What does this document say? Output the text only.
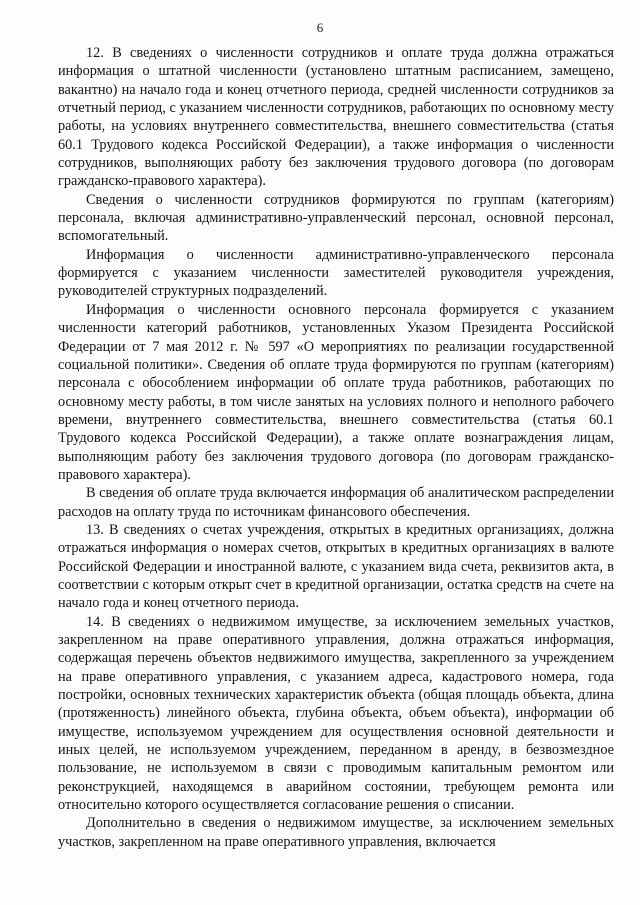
6

12. В сведениях о численности сотрудников и оплате труда должна отражаться информация о штатной численности (установлено штатным расписанием, замещено, вакантно) на начало года и конец отчетного периода, средней численности сотрудников за отчетный период, с указанием численности сотрудников, работающих по основному месту работы, на условиях внутреннего совместительства, внешнего совместительства (статья 60.1 Трудового кодекса Российской Федерации), а также информация о численности сотрудников, выполняющих работу без заключения трудового договора (по договорам гражданско-правового характера).

Сведения о численности сотрудников формируются по группам (категориям) персонала, включая административно-управленческий персонал, основной персонал, вспомогательный.

Информация о численности административно-управленческого персонала формируется с указанием численности заместителей руководителя учреждения, руководителей структурных подразделений.

Информация о численности основного персонала формируется с указанием численности категорий работников, установленных Указом Президента Российской Федерации от 7 мая 2012 г. № 597 «О мероприятиях по реализации государственной социальной политики». Сведения об оплате труда формируются по группам (категориям) персонала с обособлением информации об оплате труда работников, работающих по основному месту работы, в том числе занятых на условиях полного и неполного рабочего времени, внутреннего совместительства, внешнего совместительства (статья 60.1 Трудового кодекса Российской Федерации), а также оплате вознаграждения лицам, выполняющим работу без заключения трудового договора (по договорам гражданско-правового характера).

В сведения об оплате труда включается информация об аналитическом распределении расходов на оплату труда по источникам финансового обеспечения.

13. В сведениях о счетах учреждения, открытых в кредитных организациях, должна отражаться информация о номерах счетов, открытых в кредитных организациях в валюте Российской Федерации и иностранной валюте, с указанием вида счета, реквизитов акта, в соответствии с которым открыт счет в кредитной организации, остатка средств на счете на начало года и конец отчетного периода.

14. В сведениях о недвижимом имуществе, за исключением земельных участков, закрепленном на праве оперативного управления, должна отражаться информация, содержащая перечень объектов недвижимого имущества, закрепленного за учреждением на праве оперативного управления, с указанием адреса, кадастрового номера, года постройки, основных технических характеристик объекта (общая площадь объекта, длина (протяженность) линейного объекта, глубина объекта, объем объекта), информации об имуществе, используемом учреждением для осуществления основной деятельности и иных целей, не используемом учреждением, переданном в аренду, в безвозмездное пользование, не используемом в связи с проводимым капитальным ремонтом или реконструкцией, находящемся в аварийном состоянии, требующем ремонта или относительно которого осуществляется согласование решения о списании.

Дополнительно в сведения о недвижимом имуществе, за исключением земельных участков, закрепленном на праве оперативного управления, включается
